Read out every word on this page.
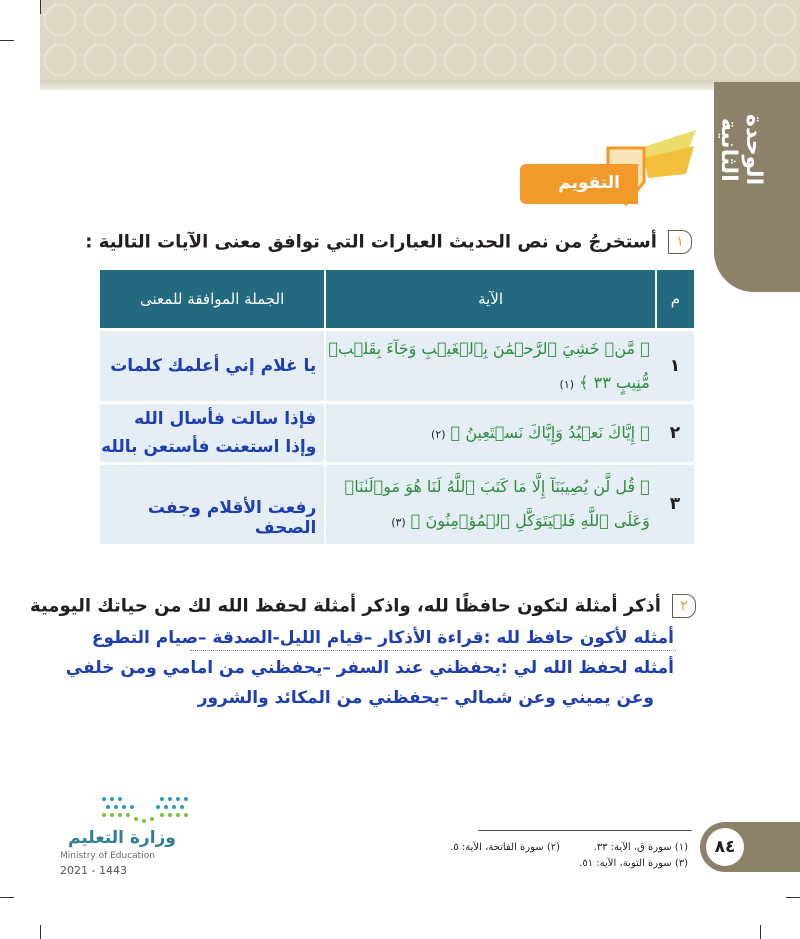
الوحدة الثانية
التقويم
١ أستخرجُ من نص الحديث العبارات التي توافق معنى الآيات التالية :
م	الآية	الجملة الموافقة للمعنى
١	﴿ مَّنۡ خَشِيَ ٱلرَّحۡمَٰنَ بِٱلۡغَيۡبِ وَجَآءَ بِقَلۡبٖ مُّنِيبٍ ٣٣ ﴾ (١)	يا غلام إني أعلمك كلمات
٢	﴿ إِيَّاكَ نَعۡبُدُ وَإِيَّاكَ نَسۡتَعِينُ ﴾ (٢)	فإذا سالت فأسال الله وإذا استعنت فأستعن بالله
٣	﴿ قُل لَّن يُصِيبَنَآ إِلَّا مَا كَتَبَ ٱللَّهُ لَنَا هُوَ مَوۡلَىٰنَاۚ وَعَلَى ٱللَّهِ فَلۡيَتَوَكَّلِ ٱلۡمُؤۡمِنُونَ ﴾ (٣)	رفعت الأقلام وجفت الصحف
٢ أذكر أمثلة لتكون حافظًا لله، واذكر أمثلة لحفظ الله لك من حياتك اليومية
أمثله لأكون حافظ لله :قراءة الأذكار –قيام الليل-الصدقة –صيام التطوع
أمثله لحفظ الله لي :يحفظني عند السفر –يحفظني من امامي ومن خلفي
وعن يميني وعن شمالي –يحفظني من المكائد والشرور
وزارة التعليم
Ministry of Education
2021 - 1443
(١) سورة ق، الآية: ٣٣.
(٢) سورة الفاتحة، الآية: ٥.
(٣) سورة التوبة، الآية: ٥١.
٨٤
